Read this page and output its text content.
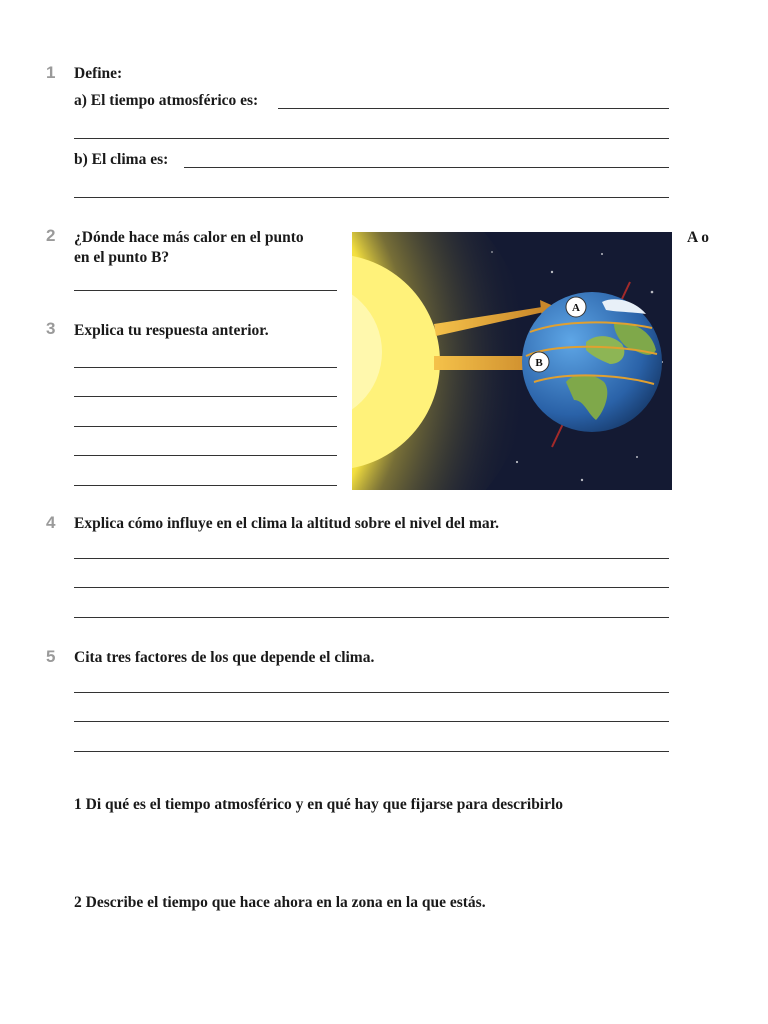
1 Define:
a) El tiempo atmosférico es:
b) El clima es:
2 ¿Dónde hace más calor en el punto
en el punto B?
A o
3 Explica tu respuesta anterior.
A
B
4 Explica cómo influye en el clima la altitud sobre el nivel del mar.
5 Cita tres factores de los que depende el clima.
1 Di qué es el tiempo atmosférico y en qué hay que fijarse para describirlo
2 Describe el tiempo que hace ahora en la zona en la que estás.
